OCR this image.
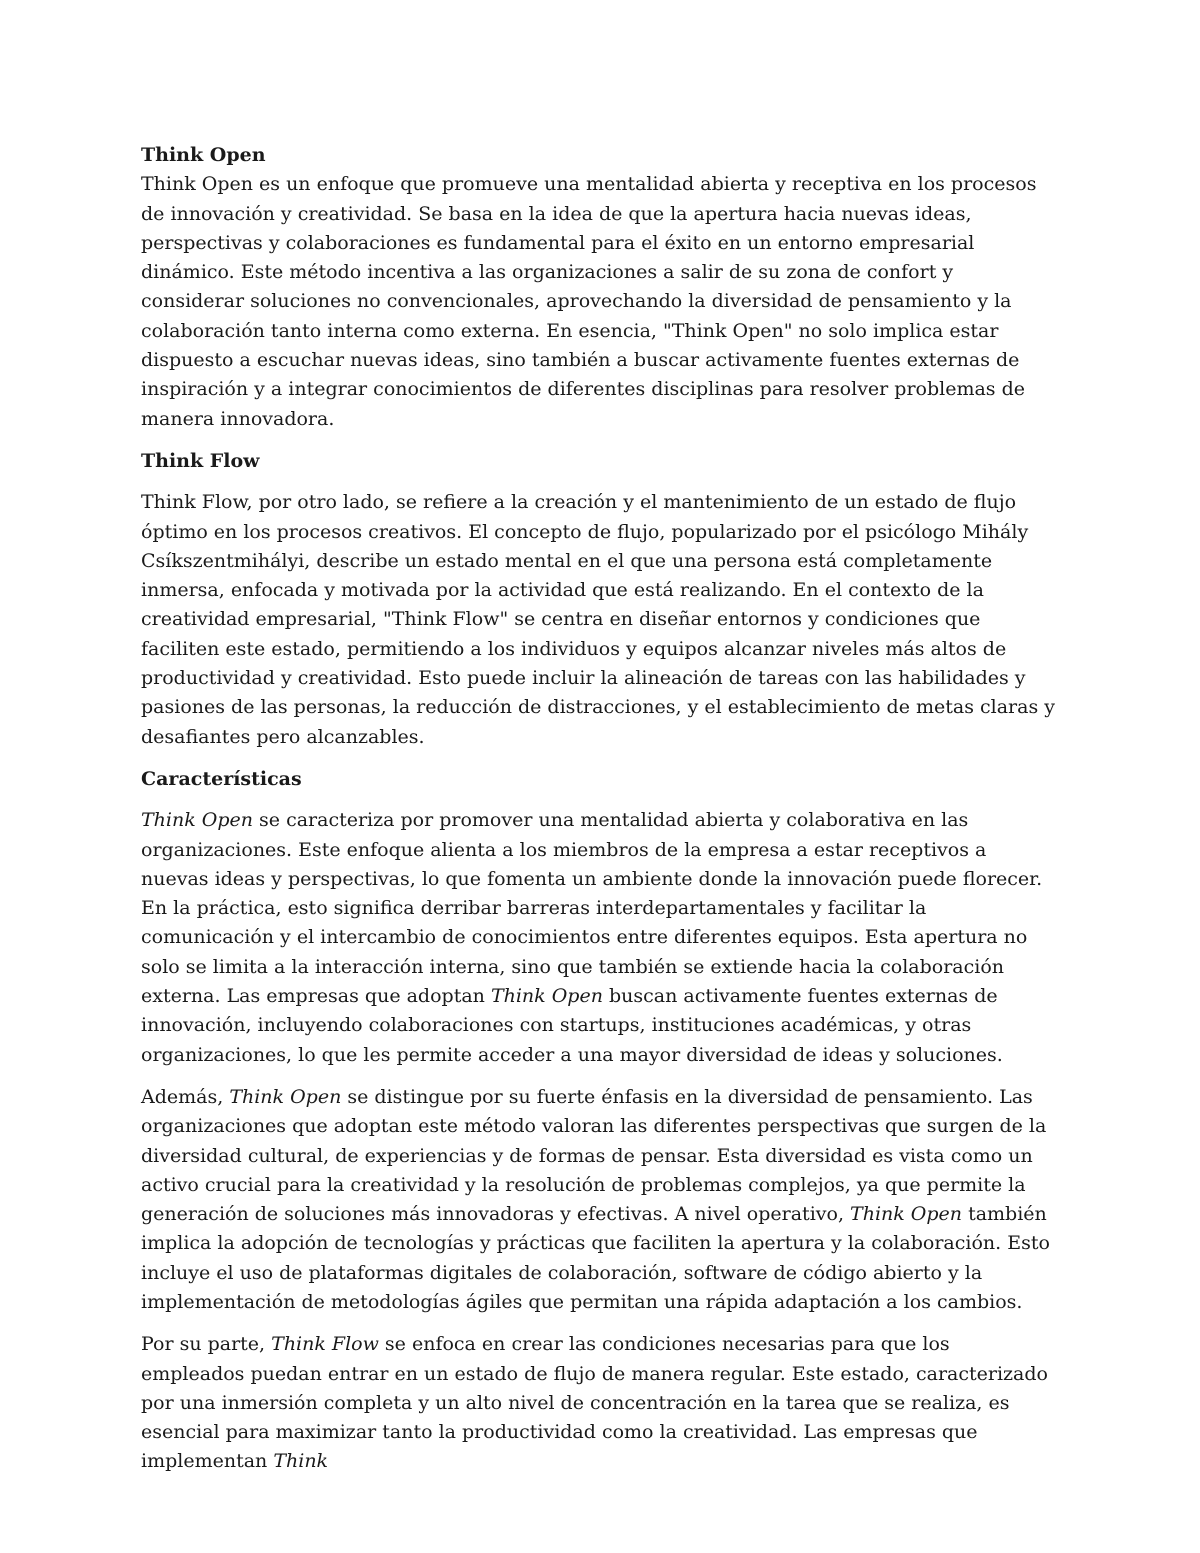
Think Open

Think Open es un enfoque que promueve una mentalidad abierta y receptiva en los procesos de innovación y creatividad. Se basa en la idea de que la apertura hacia nuevas ideas, perspectivas y colaboraciones es fundamental para el éxito en un entorno empresarial dinámico. Este método incentiva a las organizaciones a salir de su zona de confort y considerar soluciones no convencionales, aprovechando la diversidad de pensamiento y la colaboración tanto interna como externa. En esencia, "Think Open" no solo implica estar dispuesto a escuchar nuevas ideas, sino también a buscar activamente fuentes externas de inspiración y a integrar conocimientos de diferentes disciplinas para resolver problemas de manera innovadora.

Think Flow

Think Flow, por otro lado, se refiere a la creación y el mantenimiento de un estado de flujo óptimo en los procesos creativos. El concepto de flujo, popularizado por el psicólogo Mihály Csíkszentmihályi, describe un estado mental en el que una persona está completamente inmersa, enfocada y motivada por la actividad que está realizando. En el contexto de la creatividad empresarial, "Think Flow" se centra en diseñar entornos y condiciones que faciliten este estado, permitiendo a los individuos y equipos alcanzar niveles más altos de productividad y creatividad. Esto puede incluir la alineación de tareas con las habilidades y pasiones de las personas, la reducción de distracciones, y el establecimiento de metas claras y desafiantes pero alcanzables.

Características

Think Open se caracteriza por promover una mentalidad abierta y colaborativa en las organizaciones. Este enfoque alienta a los miembros de la empresa a estar receptivos a nuevas ideas y perspectivas, lo que fomenta un ambiente donde la innovación puede florecer. En la práctica, esto significa derribar barreras interdepartamentales y facilitar la comunicación y el intercambio de conocimientos entre diferentes equipos. Esta apertura no solo se limita a la interacción interna, sino que también se extiende hacia la colaboración externa. Las empresas que adoptan Think Open buscan activamente fuentes externas de innovación, incluyendo colaboraciones con startups, instituciones académicas, y otras organizaciones, lo que les permite acceder a una mayor diversidad de ideas y soluciones.

Además, Think Open se distingue por su fuerte énfasis en la diversidad de pensamiento. Las organizaciones que adoptan este método valoran las diferentes perspectivas que surgen de la diversidad cultural, de experiencias y de formas de pensar. Esta diversidad es vista como un activo crucial para la creatividad y la resolución de problemas complejos, ya que permite la generación de soluciones más innovadoras y efectivas. A nivel operativo, Think Open también implica la adopción de tecnologías y prácticas que faciliten la apertura y la colaboración. Esto incluye el uso de plataformas digitales de colaboración, software de código abierto y la implementación de metodologías ágiles que permitan una rápida adaptación a los cambios.

Por su parte, Think Flow se enfoca en crear las condiciones necesarias para que los empleados puedan entrar en un estado de flujo de manera regular. Este estado, caracterizado por una inmersión completa y un alto nivel de concentración en la tarea que se realiza, es esencial para maximizar tanto la productividad como la creatividad. Las empresas que implementan Think
